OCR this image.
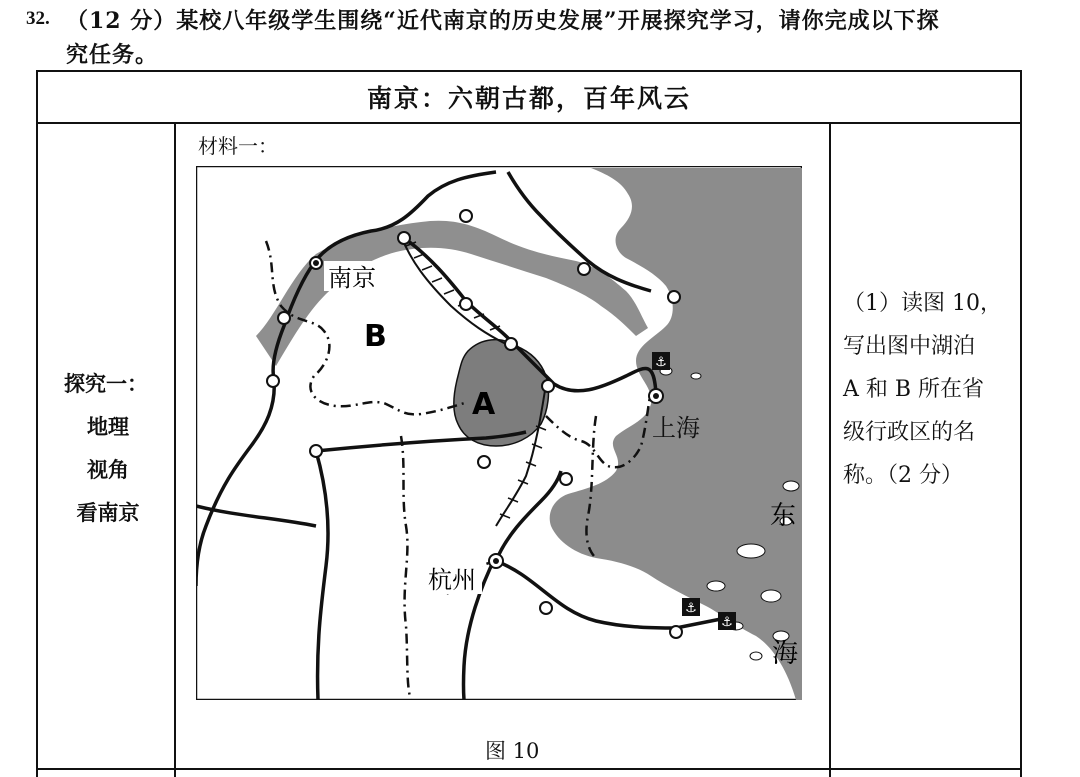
32. （12 分）某校八年级学生围绕“近代南京的历史发展”开展探究学习，请你完成以下探
究任务。
南京：六朝古都，百年风云
探究一：
地理
视角
看南京
材料一：
图 10
（1）读图 10，
写出图中湖泊
A 和 B 所在省
级行政区的名
称。（2 分）
⚓
⚓
⚓
南京
B
A
上海
杭州
东
海
